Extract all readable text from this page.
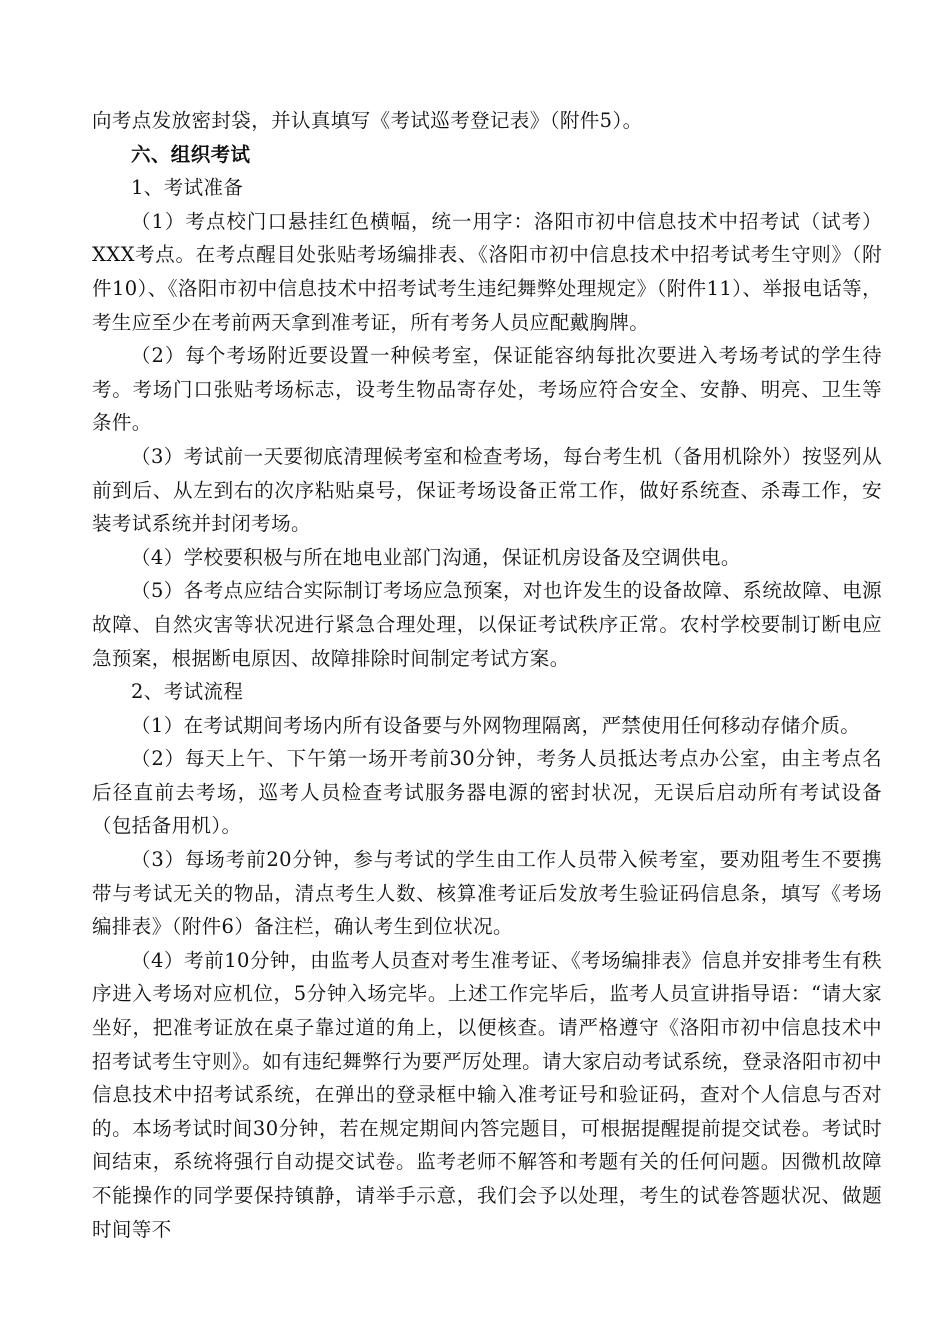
向考点发放密封袋，并认真填写《考试巡考登记表》（附件5）。

六、组织考试

1、考试准备

（1）考点校门口悬挂红色横幅，统一用字：洛阳市初中信息技术中招考试（试考）XXX考点。在考点醒目处张贴考场编排表、《洛阳市初中信息技术中招考试考生守则》（附件10）、《洛阳市初中信息技术中招考试考生违纪舞弊处理规定》（附件11）、举报电话等，考生应至少在考前两天拿到准考证，所有考务人员应配戴胸牌。

（2）每个考场附近要设置一种候考室，保证能容纳每批次要进入考场考试的学生待考。考场门口张贴考场标志，设考生物品寄存处，考场应符合安全、安静、明亮、卫生等条件。

（3）考试前一天要彻底清理候考室和检查考场，每台考生机（备用机除外）按竖列从前到后、从左到右的次序粘贴桌号，保证考场设备正常工作，做好系统查、杀毒工作，安装考试系统并封闭考场。

（4）学校要积极与所在地电业部门沟通，保证机房设备及空调供电。

（5）各考点应结合实际制订考场应急预案，对也许发生的设备故障、系统故障、电源故障、自然灾害等状况进行紧急合理处理，以保证考试秩序正常。农村学校要制订断电应急预案，根据断电原因、故障排除时间制定考试方案。

2、考试流程

（1）在考试期间考场内所有设备要与外网物理隔离，严禁使用任何移动存储介质。

（2）每天上午、下午第一场开考前30分钟，考务人员抵达考点办公室，由主考点名后径直前去考场，巡考人员检查考试服务器电源的密封状况，无误后启动所有考试设备（包括备用机）。

（3）每场考前20分钟，参与考试的学生由工作人员带入候考室，要劝阻考生不要携带与考试无关的物品，清点考生人数、核算准考证后发放考生验证码信息条，填写《考场编排表》（附件6）备注栏，确认考生到位状况。

（4）考前10分钟，由监考人员查对考生准考证、《考场编排表》信息并安排考生有秩序进入考场对应机位，5分钟入场完毕。上述工作完毕后，监考人员宣讲指导语：“请大家坐好，把准考证放在桌子靠过道的角上，以便核查。请严格遵守《洛阳市初中信息技术中招考试考生守则》。如有违纪舞弊行为要严厉处理。请大家启动考试系统，登录洛阳市初中信息技术中招考试系统，在弹出的登录框中输入准考证号和验证码，查对个人信息与否对的。本场考试时间30分钟，若在规定期间内答完题目，可根据提醒提前提交试卷。考试时间结束，系统将强行自动提交试卷。监考老师不解答和考题有关的任何问题。因微机故障不能操作的同学要保持镇静，请举手示意，我们会予以处理，考生的试卷答题状况、做题时间等不
